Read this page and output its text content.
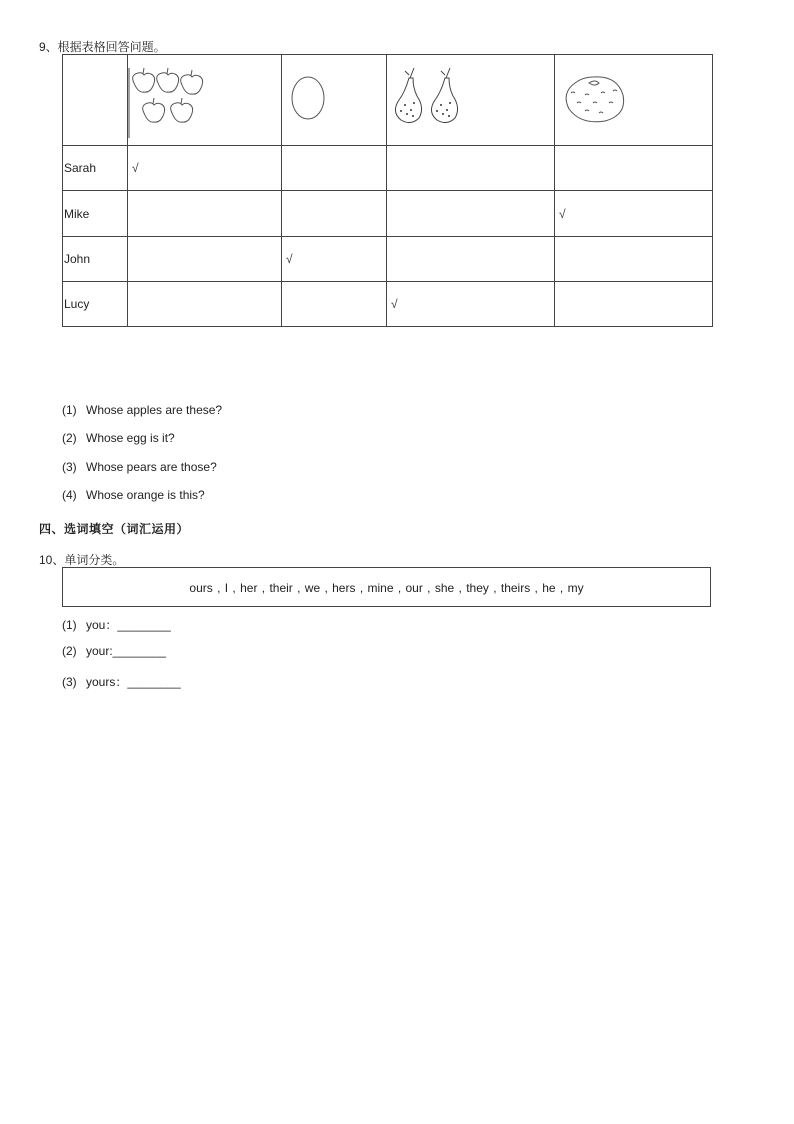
9、根据表格回答问题。

Sarah	√			
Mike				√
John		√		
Lucy			√	
(1) Whose apples are these?
(2) Whose egg is it?
(3) Whose pears are those?
(4) Whose orange is this?
四、选词填空（词汇运用）
10、单词分类。
ours , I , her , their , we , hers , mine , our , she , they , theirs , he , my
(1) you：________
(2) your:________
(3) yours：________
